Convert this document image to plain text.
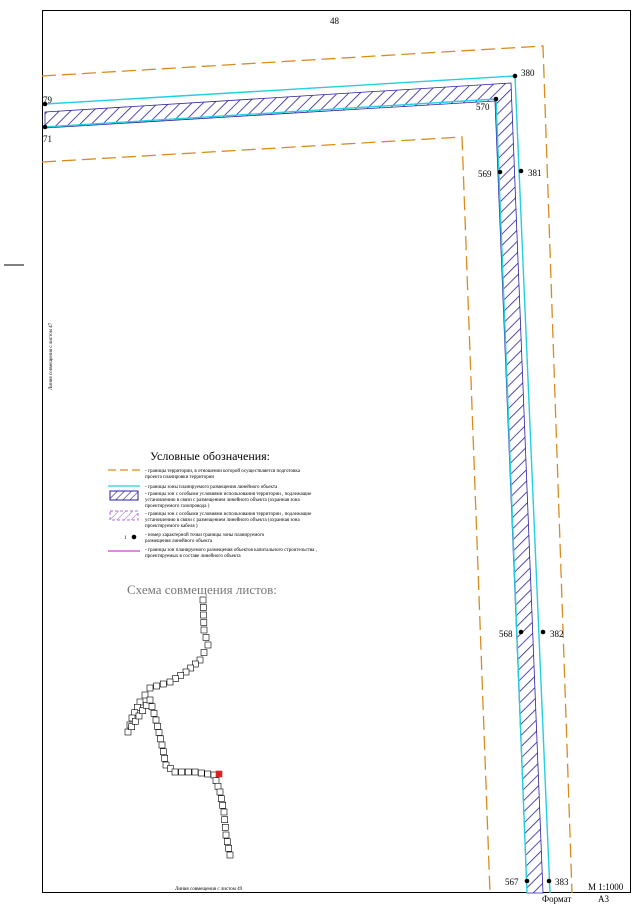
380
570
79
71
569	381
568	382
567	383
48
М 1:1000
Формат	А3
Линия совмещения с листом 47
Линия совмещения с листом 49
Условные обозначения:
- границы территории, в отношении которой осуществляется подготовка
проекта планировки территории
- границы зоны планируемого размещения линейного объекта
- границы зон с особыми условиями использования территории , подлежащие
установлению в связи с размещением линейного объекта (охранная зона
проектируемого газопровода )
- границы зон с особыми условиями использования территории , подлежащие
установлению в связи с размещением линейного объекта (охранная зона
проектируемого кабеля )
1
- номер характерной точки границы зоны планируемого
размещения линейного объекта
- границы зон планируемого размещения объектов капитального строительства ,
проектируемых в составе линейного объекта
Схема совмещения листов:
